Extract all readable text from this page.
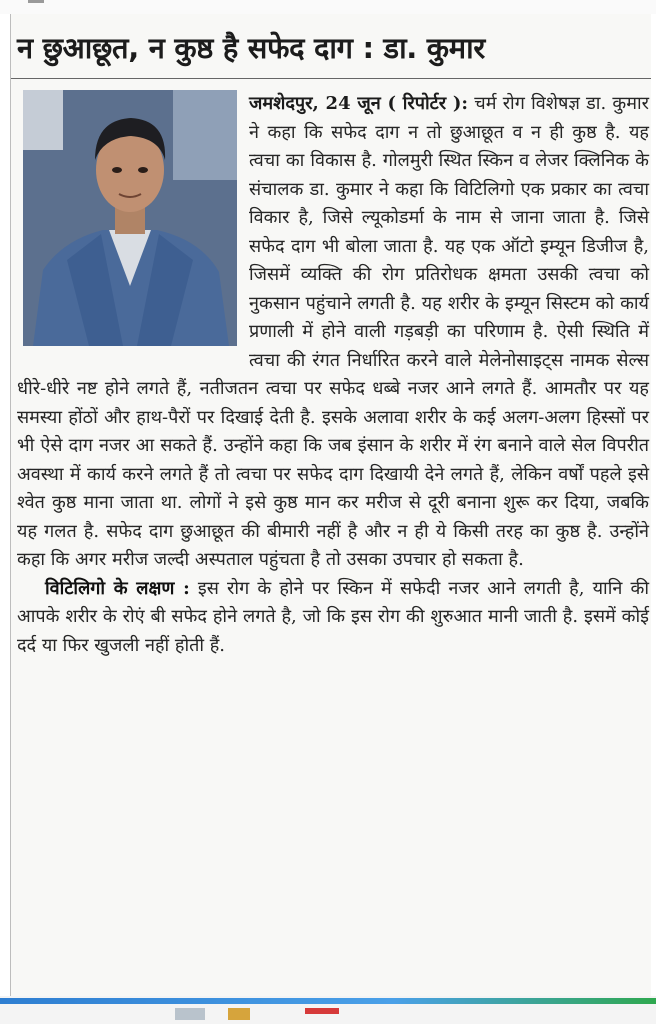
न छुआछूत, न कुष्ठ है सफेद दाग : डा. कुमार

जमशेदपुर, 24 जून ( रिपोर्टर ): चर्म रोग विशेषज्ञ डा. कुमार ने कहा कि सफेद दाग न तो छुआछूत व न ही कुष्ठ है. यह त्वचा का विकास है. गोलमुरी स्थित स्किन व लेजर क्लिनिक के संचालक डा. कुमार ने कहा कि विटिलिगो एक प्रकार का त्वचा विकार है, जिसे ल्यूकोडर्मा के नाम से जाना जाता है. जिसे सफेद दाग भी बोला जाता है. यह एक ऑटो इम्यून डिजीज है, जिसमें व्यक्ति की रोग प्रतिरोधक क्षमता उसकी त्वचा को नुकसान पहुंचाने लगती है. यह शरीर के इम्यून सिस्टम को कार्य प्रणाली में होने वाली गड़बड़ी का परिणाम है. ऐसी स्थिति में त्वचा की रंगत निर्धारित करने वाले मेलेनोसाइट्स नामक सेल्स धीरे-धीरे नष्ट होने लगते हैं, नतीजतन त्वचा पर सफेद धब्बे नजर आने लगते हैं. आमतौर पर यह समस्या होंठों और हाथ-पैरों पर दिखाई देती है. इसके अलावा शरीर के कई अलग-अलग हिस्सों पर भी ऐसे दाग नजर आ सकते हैं. उन्होंने कहा कि जब इंसान के शरीर में रंग बनाने वाले सेल विपरीत अवस्था में कार्य करने लगते हैं तो त्वचा पर सफेद दाग दिखायी देने लगते हैं, लेकिन वर्षों पहले इसे श्वेत कुष्ठ माना जाता था. लोगों ने इसे कुष्ठ मान कर मरीज से दूरी बनाना शुरू कर दिया, जबकि यह गलत है. सफेद दाग छुआछूत की बीमारी नहीं है और न ही ये किसी तरह का कुष्ठ है. उन्होंने कहा कि अगर मरीज जल्दी अस्पताल पहुंचता है तो उसका उपचार हो सकता है.

विटिलिगो के लक्षण : इस रोग के होने पर स्किन में सफेदी नजर आने लगती है, यानि की आपके शरीर के रोएं बी सफेद होने लगते है, जो कि इस रोग की शुरुआत मानी जाती है. इसमें कोई दर्द या फिर खुजली नहीं होती हैं.
